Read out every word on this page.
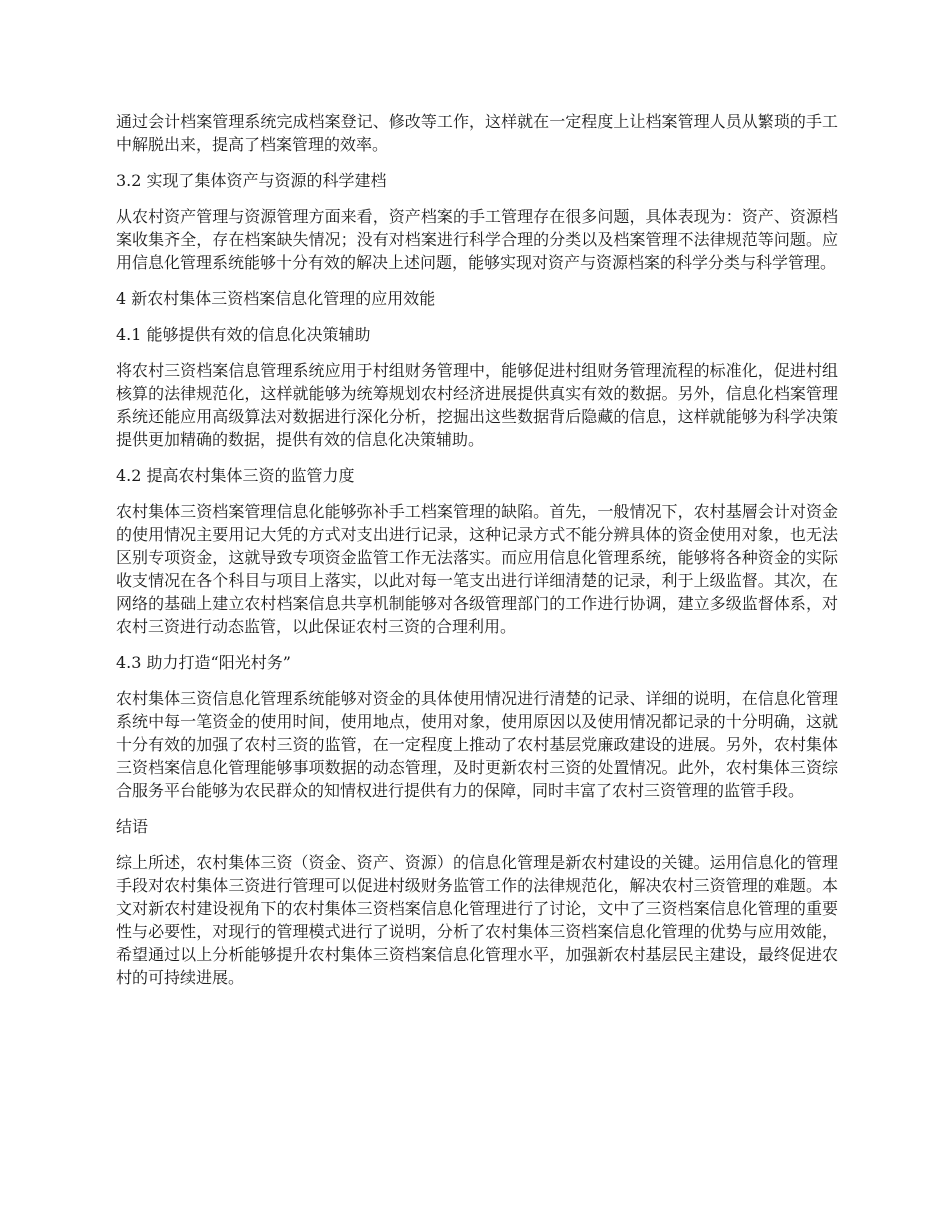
通过会计档案管理系统完成档案登记、修改等工作，这样就在一定程度上让档案管理人员从繁琐的手工中解脱出来，提高了档案管理的效率。

3.2 实现了集体资产与资源的科学建档

从农村资产管理与资源管理方面来看，资产档案的手工管理存在很多问题，具体表现为：资产、资源档案收集齐全，存在档案缺失情况；没有对档案进行科学合理的分类以及档案管理不法律规范等问题。应用信息化管理系统能够十分有效的解决上述问题，能够实现对资产与资源档案的科学分类与科学管理。

4 新农村集体三资档案信息化管理的应用效能

4.1 能够提供有效的信息化决策辅助

将农村三资档案信息管理系统应用于村组财务管理中，能够促进村组财务管理流程的标准化，促进村组核算的法律规范化，这样就能够为统筹规划农村经济进展提供真实有效的数据。另外，信息化档案管理系统还能应用高级算法对数据进行深化分析，挖掘出这些数据背后隐藏的信息，这样就能够为科学决策提供更加精确的数据，提供有效的信息化决策辅助。

4.2 提高农村集体三资的监管力度

农村集体三资档案管理信息化能够弥补手工档案管理的缺陷。首先，一般情况下，农村基層会计对资金的使用情况主要用记大凭的方式对支出进行记录，这种记录方式不能分辨具体的资金使用对象，也无法区别专项资金，这就导致专项资金监管工作无法落实。而应用信息化管理系统，能够将各种资金的实际收支情况在各个科目与项目上落实，以此对每一笔支出进行详细清楚的记录，利于上级监督。其次，在网络的基础上建立农村档案信息共享机制能够对各级管理部门的工作进行协调，建立多级监督体系，对农村三资进行动态监管，以此保证农村三资的合理利用。

4.3 助力打造“阳光村务”

农村集体三资信息化管理系统能够对资金的具体使用情况进行清楚的记录、详细的说明，在信息化管理系统中每一笔资金的使用时间，使用地点，使用对象，使用原因以及使用情况都记录的十分明确，这就十分有效的加强了农村三资的监管，在一定程度上推动了农村基层党廉政建设的进展。另外，农村集体三资档案信息化管理能够事项数据的动态管理，及时更新农村三资的处置情况。此外，农村集体三资综合服务平台能够为农民群众的知情权进行提供有力的保障，同时丰富了农村三资管理的监管手段。

结语

综上所述，农村集体三资（资金、资产、资源）的信息化管理是新农村建设的关键。运用信息化的管理手段对农村集体三资进行管理可以促进村级财务监管工作的法律规范化，解决农村三资管理的难题。本文对新农村建设视角下的农村集体三资档案信息化管理进行了讨论，文中了三资档案信息化管理的重要性与必要性，对现行的管理模式进行了说明，分析了农村集体三资档案信息化管理的优势与应用效能，希望通过以上分析能够提升农村集体三资档案信息化管理水平，加强新农村基层民主建设，最终促进农村的可持续进展。
